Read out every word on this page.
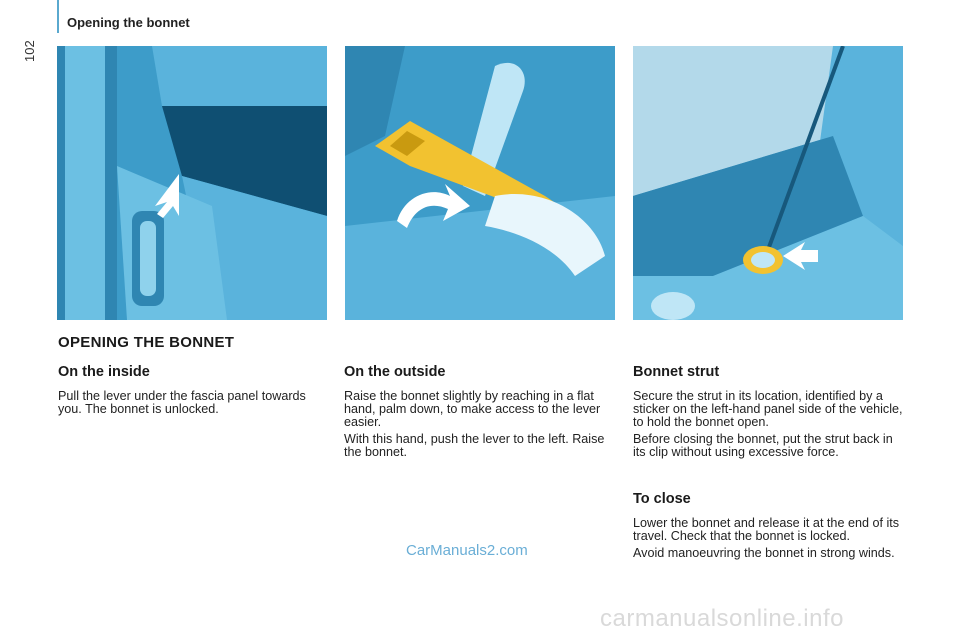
Opening the bonnet
102
OPENING THE BONNET
On the inside

Pull the lever under the fascia panel towards you. The bonnet is unlocked.

On the outside

Raise the bonnet slightly by reaching in a flat hand, palm down, to make access to the lever easier.

With this hand, push the lever to the left. Raise the bonnet.

Bonnet strut

Secure the strut in its location, identified by a sticker on the left-hand panel side of the vehicle, to hold the bonnet open.

Before closing the bonnet, put the strut back in its clip without using excessive force.

To close

Lower the bonnet and release it at the end of its travel. Check that the bonnet is locked.

Avoid manoeuvring the bonnet in strong winds.

CarManuals2.com
carmanualsonline.info
